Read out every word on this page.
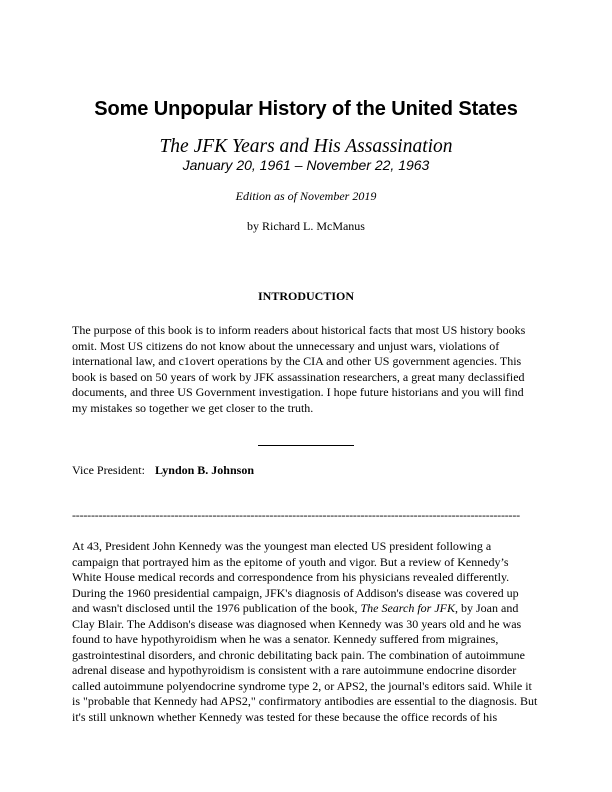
Some Unpopular History of the United States
The JFK Years and His Assassination
January 20, 1961 – November 22, 1963
Edition as of November 2019
by Richard L. McManus
INTRODUCTION

The purpose of this book is to inform readers about historical facts that most US history books
omit. Most US citizens do not know about the unnecessary and unjust wars, violations of
international law, and c1overt operations by the CIA and other US government agencies. This
book is based on 50 years of work by JFK assassination researchers, a great many declassified
documents, and three US Government investigation. I hope future historians and you will find
my mistakes so together we get closer to the truth.

Vice President: Lyndon B. Johnson
----------------------------------------------------------------------------------------------------------------------

At 43, President John Kennedy was the youngest man elected US president following a
campaign that portrayed him as the epitome of youth and vigor. But a review of Kennedy’s
White House medical records and correspondence from his physicians revealed differently.
During the 1960 presidential campaign, JFK's diagnosis of Addison's disease was covered up
and wasn't disclosed until the 1976 publication of the book, The Search for JFK, by Joan and
Clay Blair. The Addison's disease was diagnosed when Kennedy was 30 years old and he was
found to have hypothyroidism when he was a senator. Kennedy suffered from migraines,
gastrointestinal disorders, and chronic debilitating back pain. The combination of autoimmune
adrenal disease and hypothyroidism is consistent with a rare autoimmune endocrine disorder
called autoimmune polyendocrine syndrome type 2, or APS2, the journal's editors said. While it
is "probable that Kennedy had APS2," confirmatory antibodies are essential to the diagnosis. But
it's still unknown whether Kennedy was tested for these because the office records of his
